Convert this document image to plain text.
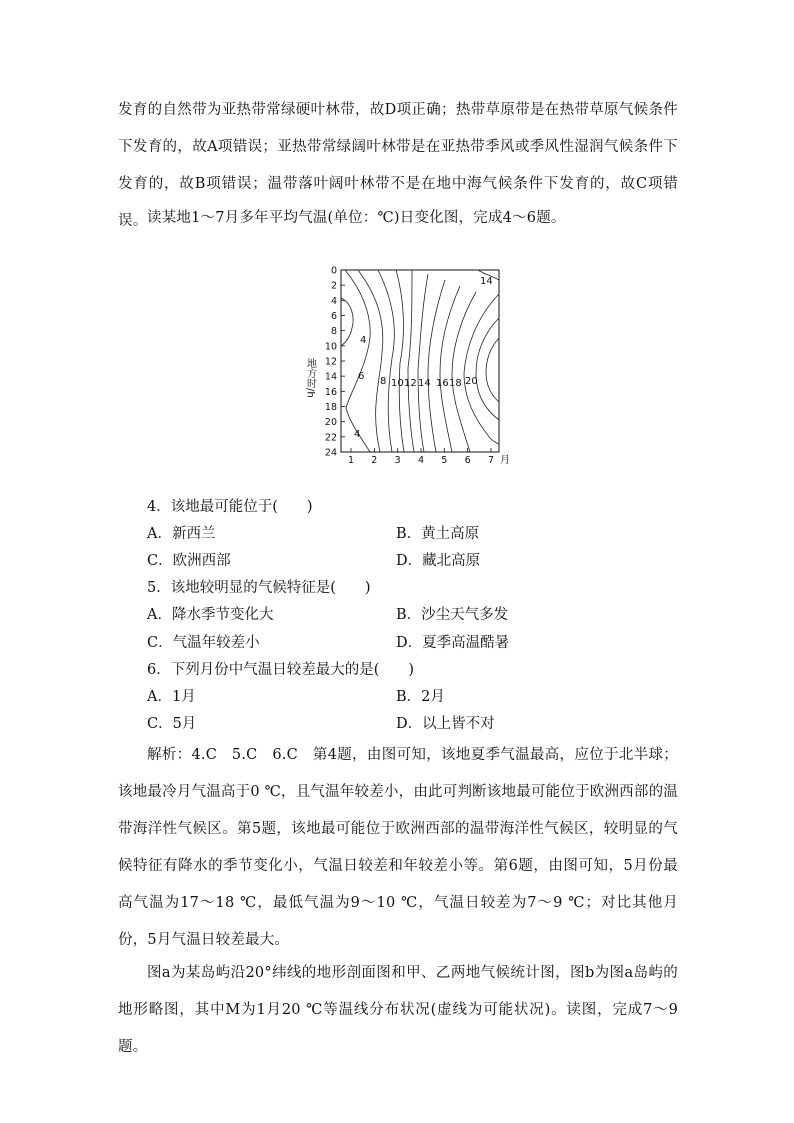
发育的自然带为亚热带常绿硬叶林带，故D项正确；热带草原带是在热带草原气候条件下发育的，故A项错误；亚热带常绿阔叶林带是在亚热带季风或季风性湿润气候条件下发育的，故B项错误；温带落叶阔叶林带不是在地中海气候条件下发育的，故C项错误。 读某地1～7月多年平均气温(单位：℃)日变化图，完成4～6题。

地方时/h
月
0
2
4
6
8
10
12
14
16
18
20
22
24
1 2 3 4 5 6 7
14
4
6 8 10 12 14 16 18 20
4

4．该地最可能位于(　　)

A．新西兰	B．黄土高原

C．欧洲西部	D．藏北高原

5．该地较明显的气候特征是(　　)

A．降水季节变化大	B．沙尘天气多发

C．气温年较差小	D．夏季高温酷暑

6．下列月份中气温日较差最大的是(　　)

A．1月	B．2月

C．5月	D．以上皆不对

解析：4.C　5.C　6.C　第4题，由图可知，该地夏季气温最高，应位于北半球；该地最冷月气温高于0 ℃，且气温年较差小，由此可判断该地最可能位于欧洲西部的温带海洋性气候区。第5题，该地最可能位于欧洲西部的温带海洋性气候区，较明显的气候特征有降水的季节变化小，气温日较差和年较差小等。第6题，由图可知，5月份最高气温为17～18 ℃，最低气温为9～10 ℃，气温日较差为7～9 ℃；对比其他月份，5月气温日较差最大。

图a为某岛屿沿20°纬线的地形剖面图和甲、乙两地气候统计图，图b为图a岛屿的地形略图，其中M为1月20 ℃等温线分布状况(虚线为可能状况)。读图，完成7～9题。
